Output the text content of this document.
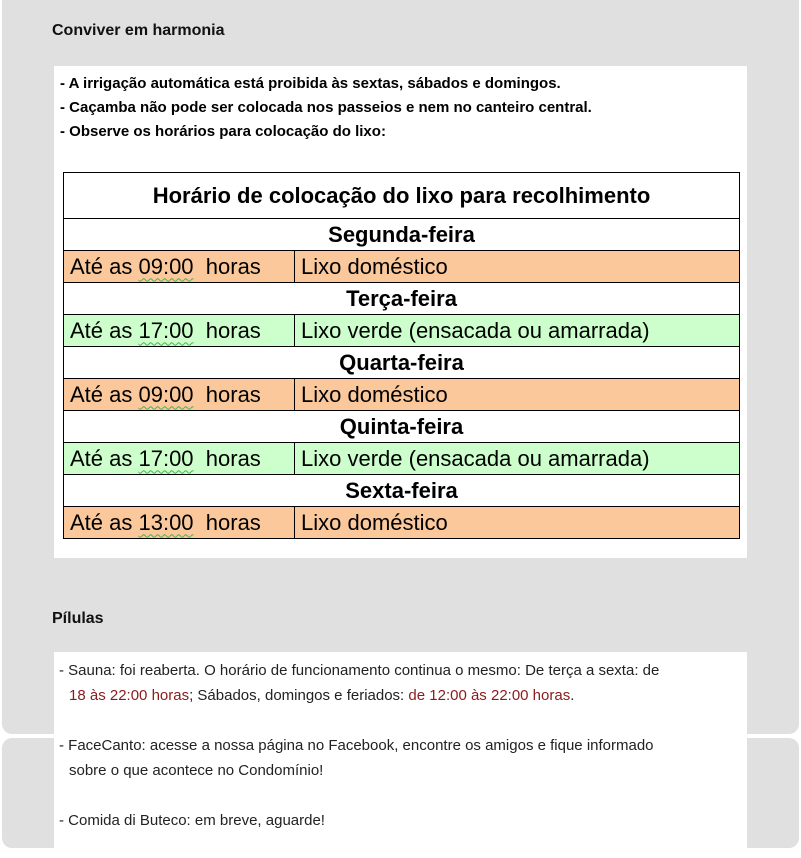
Conviver em harmonia
- A irrigação automática está proibida às sextas, sábados e domingos.
- Caçamba não pode ser colocada nos passeios e nem no canteiro central.
- Observe os horários para colocação do lixo:
Horário de colocação do lixo para recolhimento	
Segunda-feira	
Até as 09:00  horas	Lixo doméstico
Terça-feira	
Até as 17:00  horas	Lixo verde (ensacada ou amarrada)
Quarta-feira	
Até as 09:00  horas	Lixo doméstico
Quinta-feira	
Até as 17:00  horas	Lixo verde (ensacada ou amarrada)
Sexta-feira	
Até as 13:00  horas	Lixo doméstico
Pílulas
- Sauna: foi reaberta. O horário de funcionamento continua o mesmo: De terça a sexta: de
18 às 22:00 horas; Sábados, domingos e feriados: de 12:00 às 22:00 horas.
- FaceCanto: acesse a nossa página no Facebook, encontre os amigos e fique informado
sobre o que acontece no Condomínio!
- Comida di Buteco: em breve, aguarde!
